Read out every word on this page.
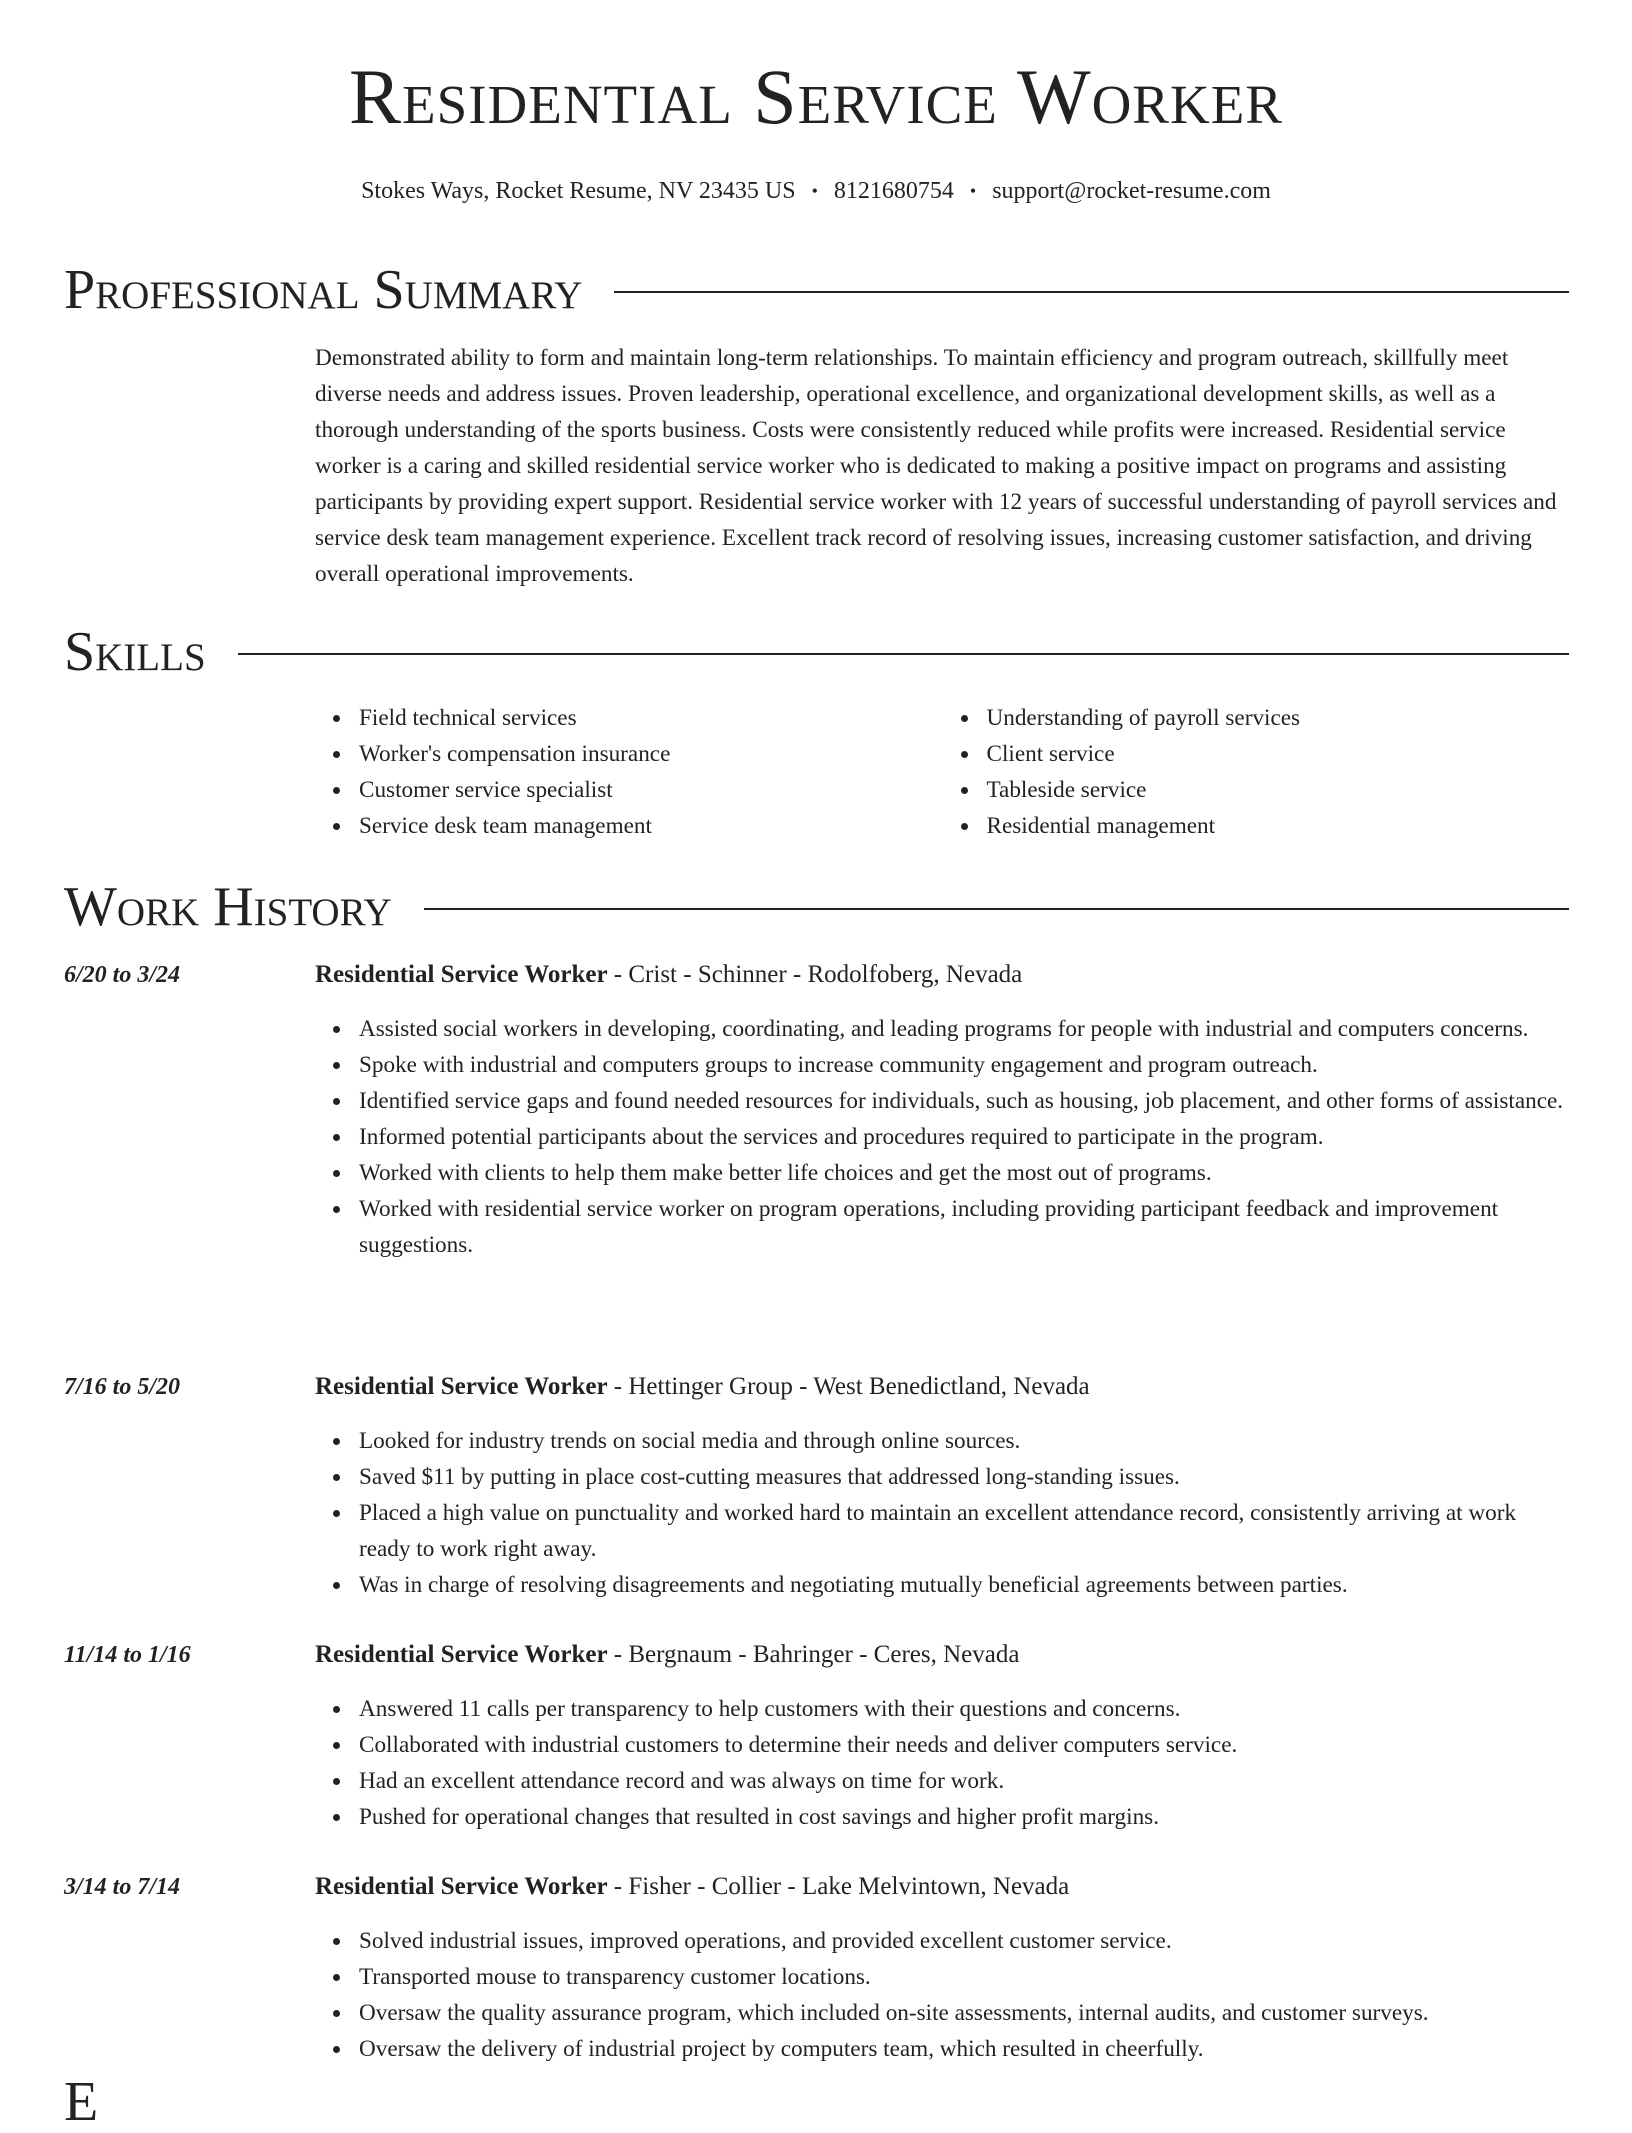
Residential Service Worker
Stokes Ways, Rocket Resume, NV 23435 US • 8121680754 • support@rocket-resume.com
Professional Summary

Demonstrated ability to form and maintain long-term relationships. To maintain efficiency and program outreach, skillfully meet diverse needs and address issues. Proven leadership, operational excellence, and organizational development skills, as well as a thorough understanding of the sports business. Costs were consistently reduced while profits were increased. Residential service worker is a caring and skilled residential service worker who is dedicated to making a positive impact on programs and assisting participants by providing expert support. Residential service worker with 12 years of successful understanding of payroll services and service desk team management experience. Excellent track record of resolving issues, increasing customer satisfaction, and driving overall operational improvements.

Skills
Field technical services
Worker's compensation insurance
Customer service specialist
Service desk team management
Understanding of payroll services
Client service
Tableside service
Residential management
Work History
6/20 to 3/24	Residential Service Worker - Crist - Schinner - Rodolfoberg, Nevada
Assisted social workers in developing, coordinating, and leading programs for people with industrial and computers concerns.
Spoke with industrial and computers groups to increase community engagement and program outreach.
Identified service gaps and found needed resources for individuals, such as housing, job placement, and other forms of assistance.
Informed potential participants about the services and procedures required to participate in the program.
Worked with clients to help them make better life choices and get the most out of programs.
Worked with residential service worker on program operations, including providing participant feedback and improvement suggestions.
7/16 to 5/20	Residential Service Worker - Hettinger Group - West Benedictland, Nevada
Looked for industry trends on social media and through online sources.
Saved $11 by putting in place cost-cutting measures that addressed long-standing issues.
Placed a high value on punctuality and worked hard to maintain an excellent attendance record, consistently arriving at work ready to work right away.
Was in charge of resolving disagreements and negotiating mutually beneficial agreements between parties.
11/14 to 1/16	Residential Service Worker - Bergnaum - Bahringer - Ceres, Nevada
Answered 11 calls per transparency to help customers with their questions and concerns.
Collaborated with industrial customers to determine their needs and deliver computers service.
Had an excellent attendance record and was always on time for work.
Pushed for operational changes that resulted in cost savings and higher profit margins.
3/14 to 7/14	Residential Service Worker - Fisher - Collier - Lake Melvintown, Nevada
Solved industrial issues, improved operations, and provided excellent customer service.
Transported mouse to transparency customer locations.
Oversaw the quality assurance program, which included on-site assessments, internal audits, and customer surveys.
Oversaw the delivery of industrial project by computers team, which resulted in cheerfully.
E
